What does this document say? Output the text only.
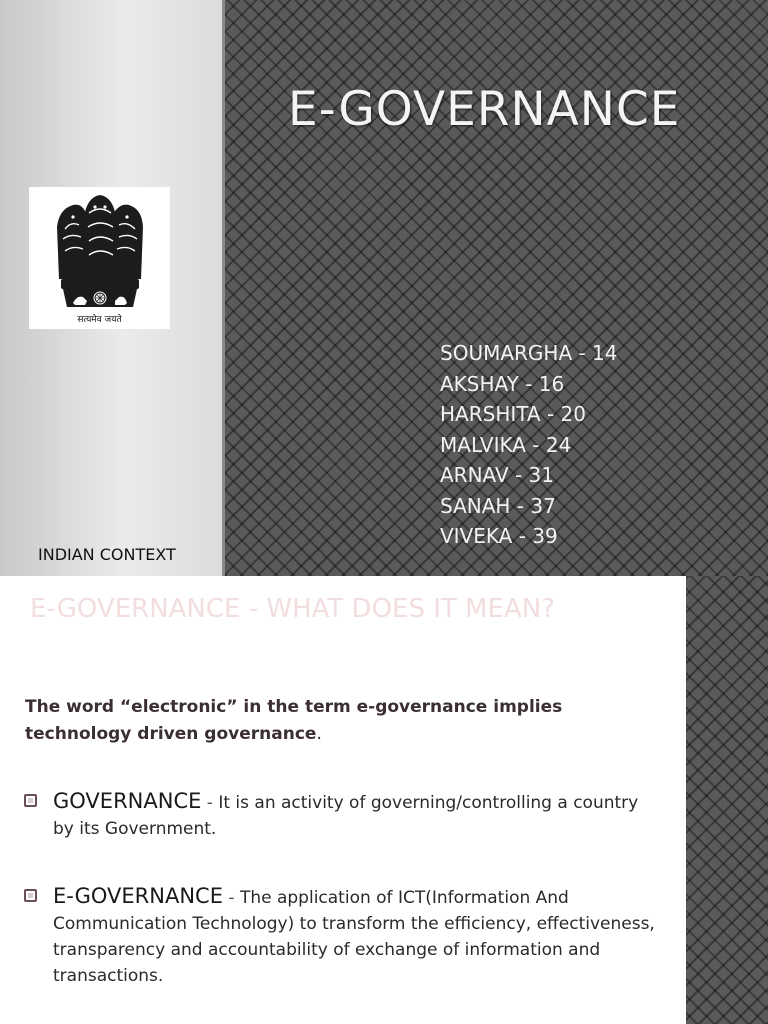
सत्यमेव जयते
E-GOVERNANCE
SOUMARGHA - 14
AKSHAY - 16
HARSHITA - 20
MALVIKA - 24
ARNAV - 31
SANAH - 37
VIVEKA - 39
INDIAN CONTEXT
E-GOVERNANCE - WHAT DOES IT MEAN?

The word “electronic” in the term e-governance implies technology driven governance.

GOVERNANCE - It is an activity of governing/controlling a country by its Government.

E-GOVERNANCE - The application of ICT(Information And Communication Technology) to transform the efficiency, effectiveness, transparency and accountability of exchange of information and transactions.
